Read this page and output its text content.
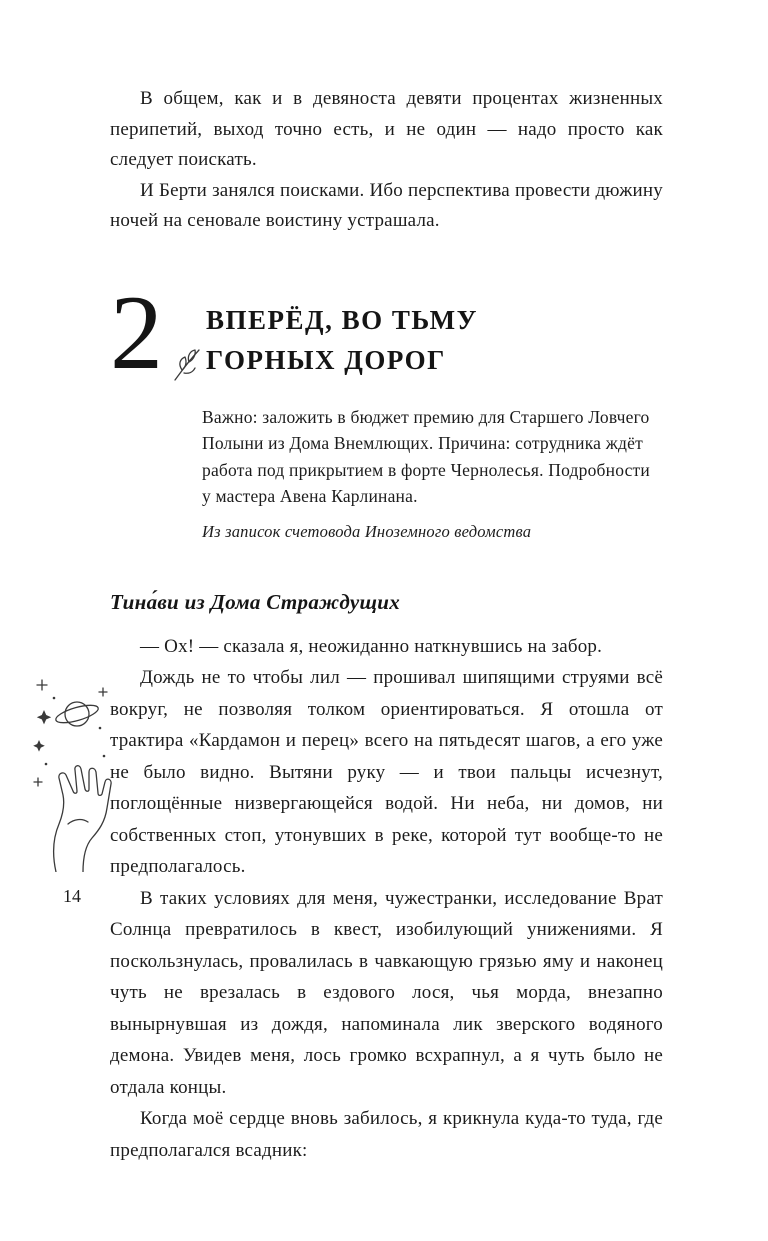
14

В общем, как и в девяноста девяти процентах жизненных перипетий, выход точно есть, и не один — надо просто как следует поискать.

И Берти занялся поисками. Ибо перспектива провести дюжину ночей на сеновале воистину устрашала.

2	ВПЕРЁД, ВО ТЬМУ
ГОРНЫХ ДОРОГ

Важно: заложить в бюджет премию для Старшего Ловчего Полыни из Дома Внемлющих. Причина: сотрудника ждёт работа под прикрытием в форте Чернолесья. Подробности у мастера Авена Карлинана.

Из записок счетовода Иноземного ведомства

Тина́ви из Дома Страждущих

— Ох! — сказала я, неожиданно наткнувшись на забор.

Дождь не то чтобы лил — прошивал шипящими струями всё вокруг, не позволяя толком ориентироваться. Я отошла от трактира «Кардамон и перец» всего на пятьдесят шагов, а его уже не было видно. Вытяни руку — и твои пальцы исчезнут, поглощённые низвергающейся водой. Ни неба, ни домов, ни собственных стоп, утонувших в реке, которой тут вообще-то не предполагалось.

В таких условиях для меня, чужестранки, исследование Врат Солнца превратилось в квест, изобилующий унижениями. Я поскользнулась, провалилась в чавкающую грязью яму и наконец чуть не врезалась в ездового лося, чья морда, внезапно вынырнувшая из дождя, напоминала лик зверского водяного демона. Увидев меня, лось громко всхрапнул, а я чуть было не отдала концы.

Когда моё сердце вновь забилось, я крикнула куда-то туда, где предполагался всадник:
